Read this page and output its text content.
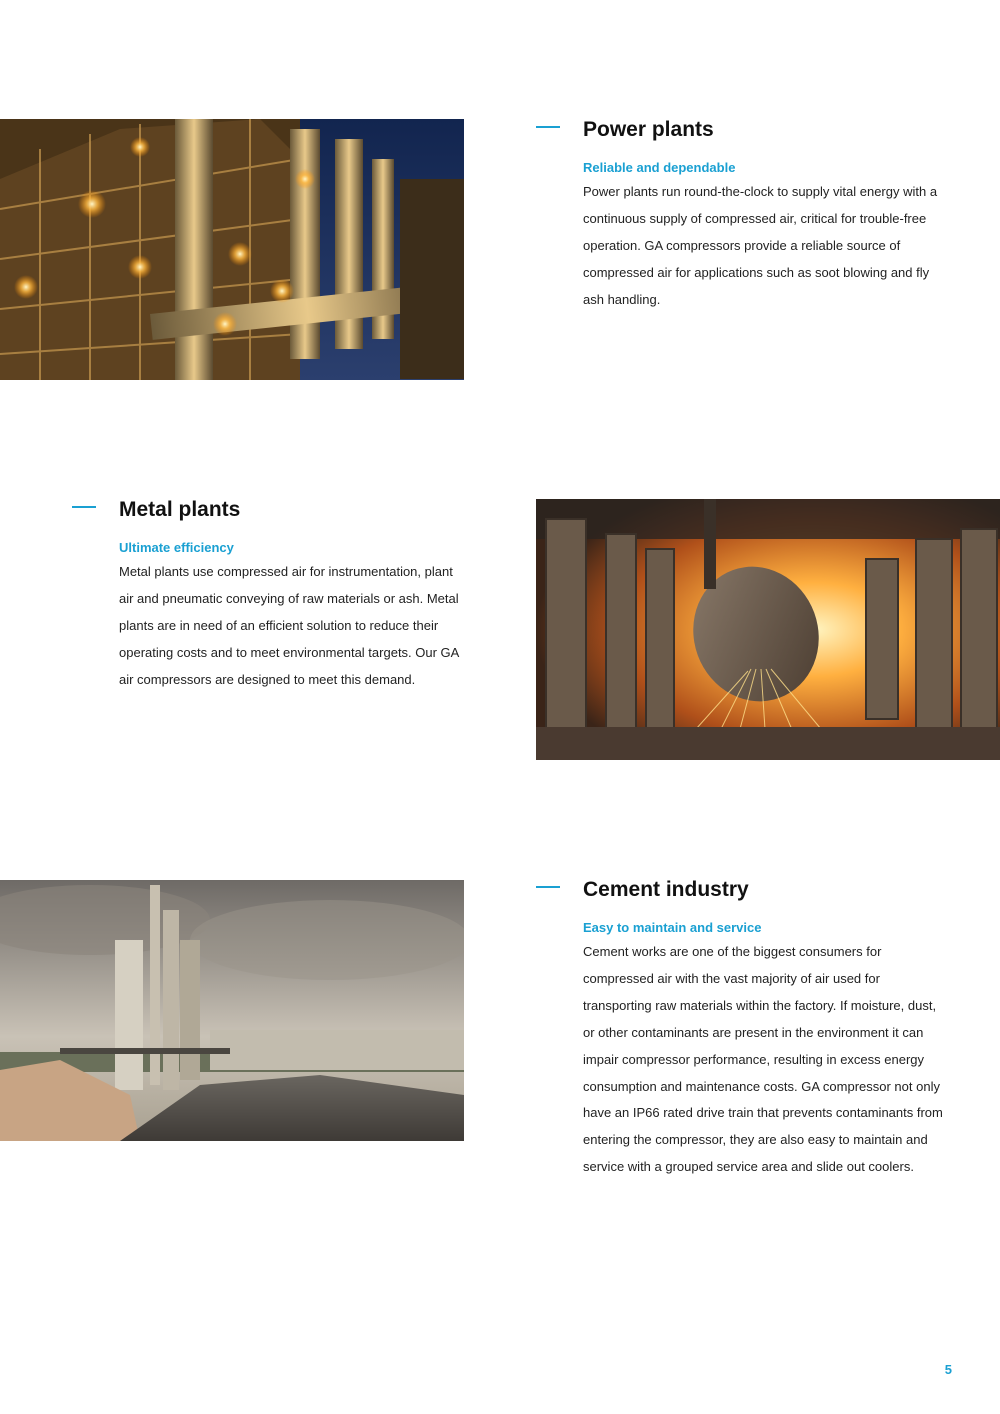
Power plants
Reliable and dependable

Power plants run round-the-clock to supply vital energy with a continuous supply of compressed air, critical for trouble-free operation. GA compressors provide a reliable source of compressed air for applications such as soot blowing and fly ash handling.

Metal plants
Ultimate efficiency

Metal plants use compressed air for instrumentation, plant air and pneumatic conveying of raw materials or ash. Metal plants are in need of an efficient solution to reduce their operating costs and to meet environmental targets. Our GA air compressors are designed to meet this demand.

Cement industry
Easy to maintain and service

Cement works are one of the biggest consumers for compressed air with the vast majority of air used for transporting raw materials within the factory. If moisture, dust, or other contaminants are present in the environment it can impair compressor performance, resulting in excess energy consumption and maintenance costs. GA compressor not only have an IP66 rated drive train that prevents contaminants from entering the compressor, they are also easy to maintain and service with a grouped service area and slide out coolers.

5
